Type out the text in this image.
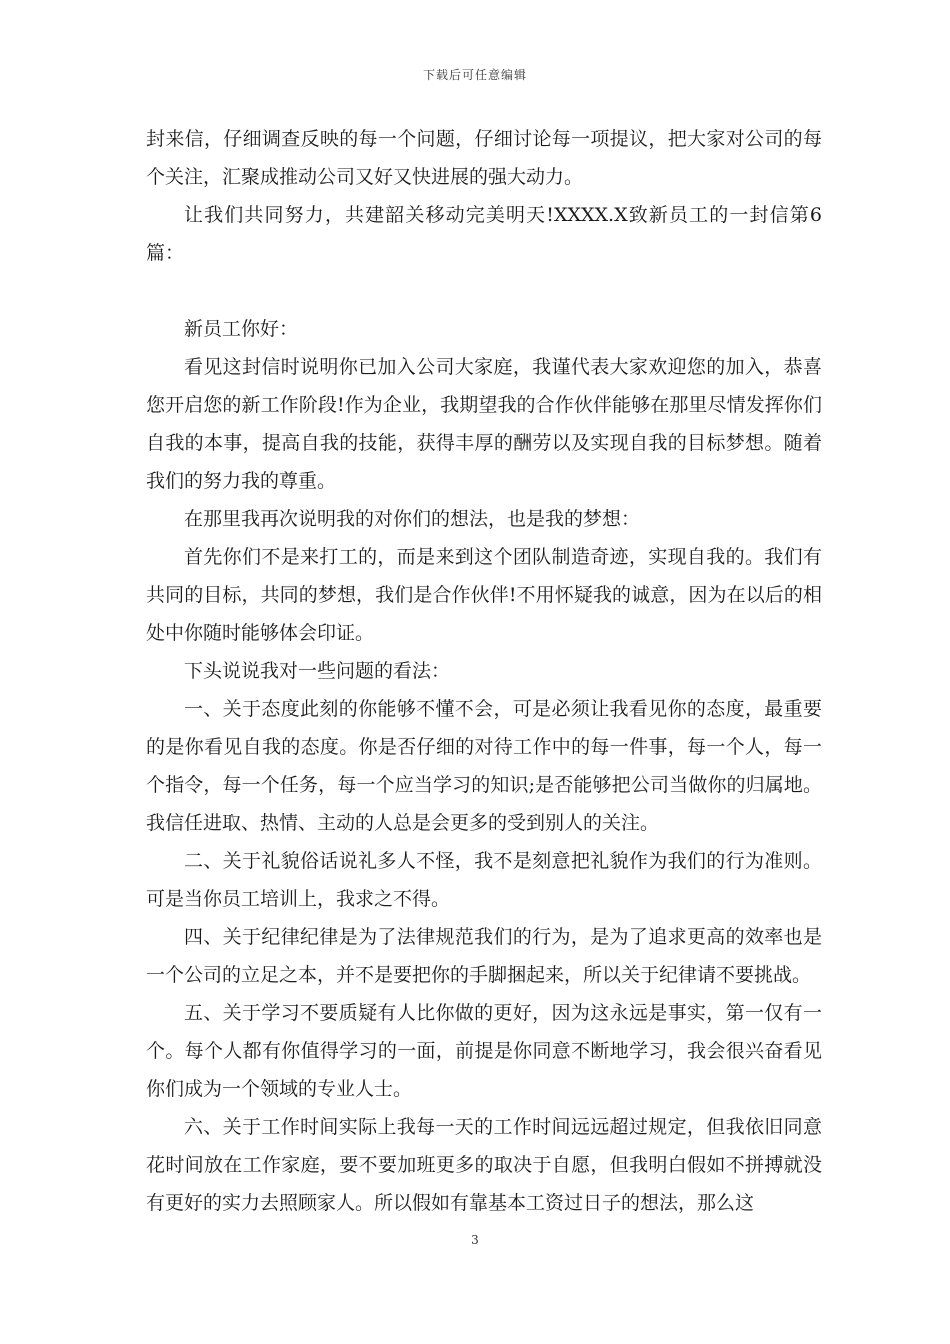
下载后可任意编辑

封来信，仔细调查反映的每一个问题，仔细讨论每一项提议，把大家对公司的每个关注，汇聚成推动公司又好又快进展的强大动力。

让我们共同努力，共建韶关移动完美明天!XXXX.X致新员工的一封信第6篇：

新员工你好：

看见这封信时说明你已加入公司大家庭，我谨代表大家欢迎您的加入，恭喜您开启您的新工作阶段!作为企业，我期望我的合作伙伴能够在那里尽情发挥你们自我的本事，提高自我的技能，获得丰厚的酬劳以及实现自我的目标梦想。随着我们的努力我的尊重。

在那里我再次说明我的对你们的想法，也是我的梦想：

首先你们不是来打工的，而是来到这个团队制造奇迹，实现自我的。我们有共同的目标，共同的梦想，我们是合作伙伴!不用怀疑我的诚意，因为在以后的相处中你随时能够体会印证。

下头说说我对一些问题的看法：

一、关于态度此刻的你能够不懂不会，可是必须让我看见你的态度，最重要的是你看见自我的态度。你是否仔细的对待工作中的每一件事，每一个人，每一个指令，每一个任务，每一个应当学习的知识;是否能够把公司当做你的归属地。我信任进取、热情、主动的人总是会更多的受到别人的关注。

二、关于礼貌俗话说礼多人不怪，我不是刻意把礼貌作为我们的行为准则。可是当你员工培训上，我求之不得。

四、关于纪律纪律是为了法律规范我们的行为，是为了追求更高的效率也是一个公司的立足之本，并不是要把你的手脚捆起来，所以关于纪律请不要挑战。

五、关于学习不要质疑有人比你做的更好，因为这永远是事实，第一仅有一个。每个人都有你值得学习的一面，前提是你同意不断地学习，我会很兴奋看见你们成为一个领域的专业人士。

六、关于工作时间实际上我每一天的工作时间远远超过规定，但我依旧同意花时间放在工作家庭，要不要加班更多的取决于自愿，但我明白假如不拼搏就没有更好的实力去照顾家人。所以假如有靠基本工资过日子的想法，那么这

3
